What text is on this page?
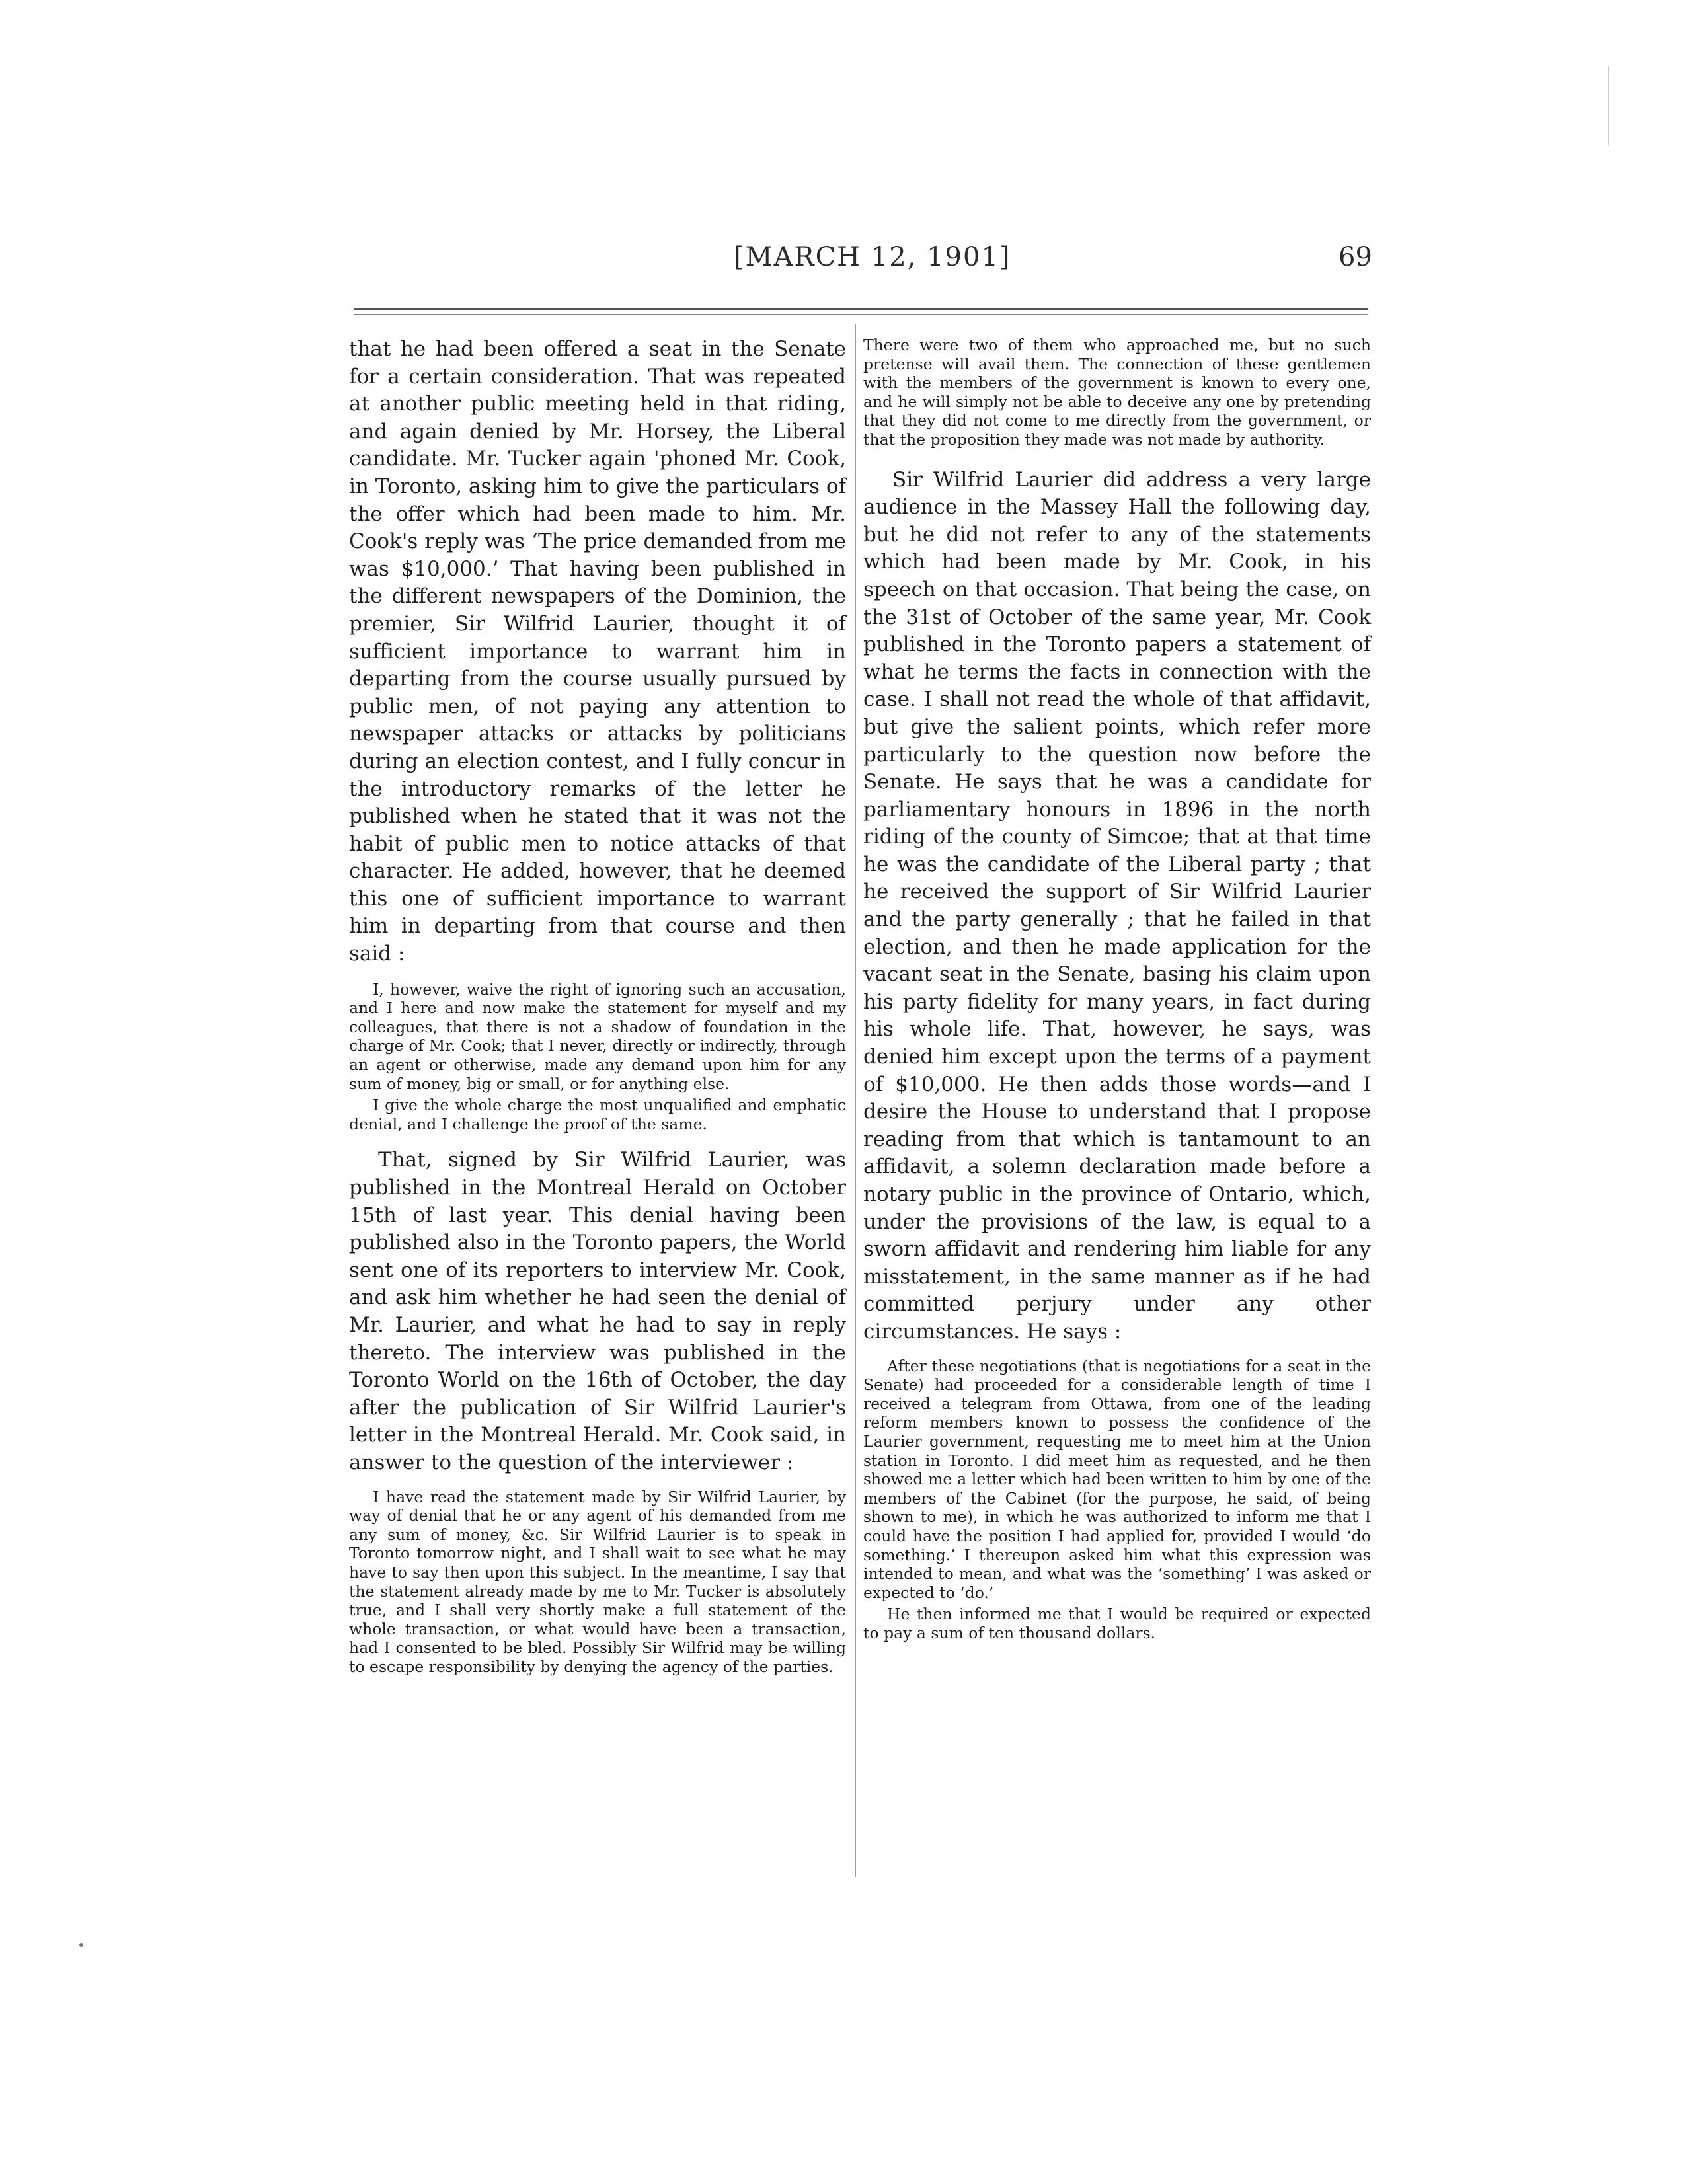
[MARCH 12, 1901]	69

that he had been offered a seat in the Senate for a certain consideration. That was repeated at another public meeting held in that riding, and again denied by Mr. Horsey, the Liberal candidate. Mr. Tucker again 'phoned Mr. Cook, in Toronto, asking him to give the particulars of the offer which had been made to him. Mr. Cook's reply was ‘The price demanded from me was $10,000.’ That having been published in the different newspapers of the Dominion, the premier, Sir Wilfrid Laurier, thought it of sufficient importance to warrant him in departing from the course usually pursued by public men, of not paying any attention to newspaper attacks or attacks by politicians during an election contest, and I fully concur in the introductory remarks of the letter he published when he stated that it was not the habit of public men to notice attacks of that character. He added, however, that he deemed this one of sufficient importance to warrant him in departing from that course and then said :

I, however, waive the right of ignoring such an accusation, and I here and now make the statement for myself and my colleagues, that there is not a shadow of foundation in the charge of Mr. Cook; that I never, directly or indirectly, through an agent or otherwise, made any demand upon him for any sum of money, big or small, or for anything else.

I give the whole charge the most unqualified and emphatic denial, and I challenge the proof of the same.

That, signed by Sir Wilfrid Laurier, was published in the Montreal Herald on October 15th of last year. This denial having been published also in the Toronto papers, the World sent one of its reporters to interview Mr. Cook, and ask him whether he had seen the denial of Mr. Laurier, and what he had to say in reply thereto. The interview was published in the Toronto World on the 16th of October, the day after the publication of Sir Wilfrid Laurier's letter in the Montreal Herald. Mr. Cook said, in answer to the question of the interviewer :

I have read the statement made by Sir Wilfrid Laurier, by way of denial that he or any agent of his demanded from me any sum of money, &c. Sir Wilfrid Laurier is to speak in Toronto tomorrow night, and I shall wait to see what he may have to say then upon this subject. In the meantime, I say that the statement already made by me to Mr. Tucker is absolutely true, and I shall very shortly make a full statement of the whole transaction, or what would have been a transaction, had I consented to be bled. Possibly Sir Wilfrid may be willing to escape responsibility by denying the agency of the parties.

There were two of them who approached me, but no such pretense will avail them. The connection of these gentlemen with the members of the government is known to every one, and he will simply not be able to deceive any one by pretending that they did not come to me directly from the government, or that the proposition they made was not made by authority.

Sir Wilfrid Laurier did address a very large audience in the Massey Hall the following day, but he did not refer to any of the statements which had been made by Mr. Cook, in his speech on that occasion. That being the case, on the 31st of October of the same year, Mr. Cook published in the Toronto papers a statement of what he terms the facts in connection with the case. I shall not read the whole of that affidavit, but give the salient points, which refer more particularly to the question now before the Senate. He says that he was a candidate for parliamentary honours in 1896 in the north riding of the county of Simcoe; that at that time he was the candidate of the Liberal party ; that he received the support of Sir Wilfrid Laurier and the party generally ; that he failed in that election, and then he made application for the vacant seat in the Senate, basing his claim upon his party fidelity for many years, in fact during his whole life. That, however, he says, was denied him except upon the terms of a payment of $10,000. He then adds those words—and I desire the House to understand that I propose reading from that which is tantamount to an affidavit, a solemn declaration made before a notary public in the province of Ontario, which, under the provisions of the law, is equal to a sworn affidavit and rendering him liable for any misstatement, in the same manner as if he had committed perjury under any other circumstances. He says :

After these negotiations (that is negotiations for a seat in the Senate) had proceeded for a considerable length of time I received a telegram from Ottawa, from one of the leading reform members known to possess the confidence of the Laurier government, requesting me to meet him at the Union station in Toronto. I did meet him as requested, and he then showed me a letter which had been written to him by one of the members of the Cabinet (for the purpose, he said, of being shown to me), in which he was authorized to inform me that I could have the position I had applied for, provided I would ‘do something.’ I thereupon asked him what this expression was intended to mean, and what was the ‘something’ I was asked or expected to ‘do.’

He then informed me that I would be required or expected to pay a sum of ten thousand dollars.
